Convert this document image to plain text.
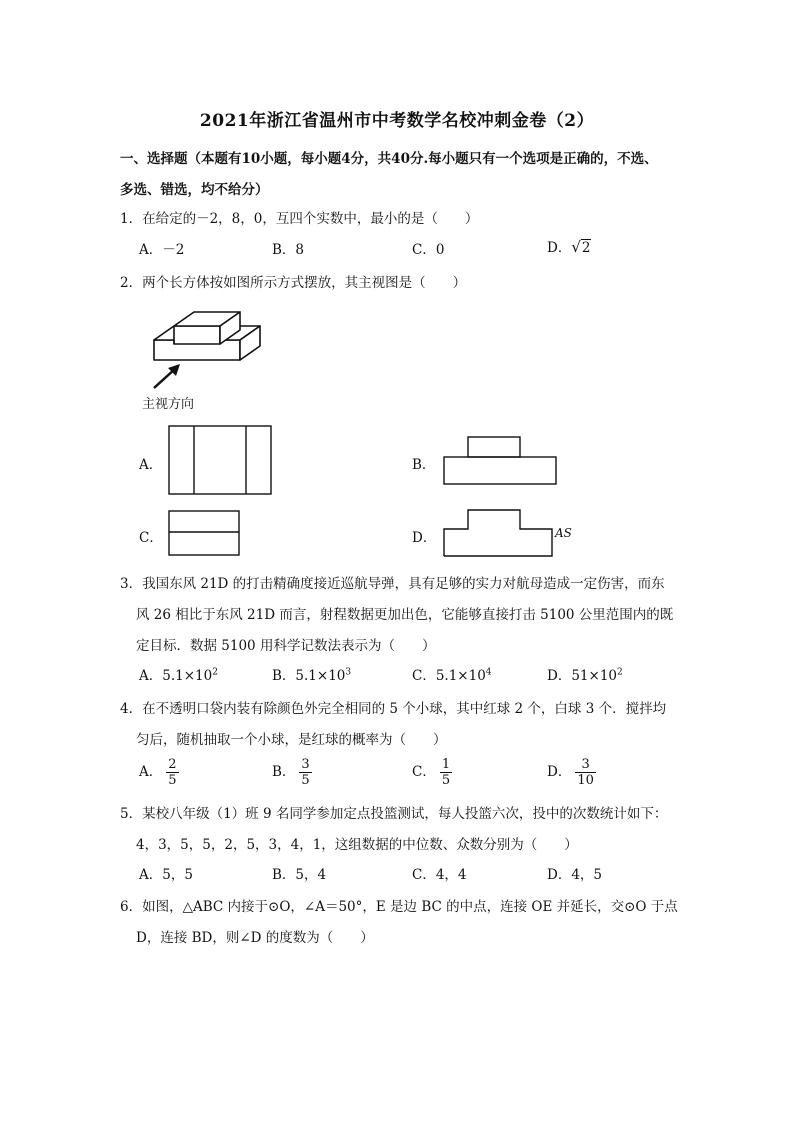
2021年浙江省温州市中考数学名校冲刺金卷（2）
一、选择题（本题有10小题，每小题4分，共40分.每小题只有一个选项是正确的，不选、
多选、错选，均不给分）
1．在给定的－2，8，0，互四个实数中，最小的是（　　）
A．－2	B．8	C．0	D．√2
2．两个长方体按如图所示方式摆放，其主视图是（　　）
主视方向
A．	B．
C．	D．	AS
3．我国东风 21D 的打击精确度接近巡航导弹，具有足够的实力对航母造成一定伤害，而东
风 26 相比于东风 21D 而言，射程数据更加出色，它能够直接打击 5100 公里范围内的既
定目标．数据 5100 用科学记数法表示为（　　）
A．$5.1\times 10^2$	B．$5.1\times 10^3$	C．$5.1\times 10^4$	D．$51\times 10^2$
4．在不透明口袋内装有除颜色外完全相同的 5 个小球，其中红球 2 个，白球 3 个．搅拌均
匀后，随机抽取一个小球，是红球的概率为（　　）
A． $\frac{2}{5}$	B． $\frac{3}{5}$	C． $\frac{1}{5}$	D． $\frac{3}{10}$
5．某校八年级（1）班 9 名同学参加定点投篮测试，每人投篮六次，投中的次数统计如下：
4，3，5，5，2，5，3，4，1，这组数据的中位数、众数分别为（　　）
A．5，5	B．5，4	C．4，4	D．4，5
6．如图，△ABC 内接于⊙O，∠A＝50°，E 是边 BC 的中点，连接 OE 并延长，交⊙O 于点
D，连接 BD，则∠D 的度数为（　　）
